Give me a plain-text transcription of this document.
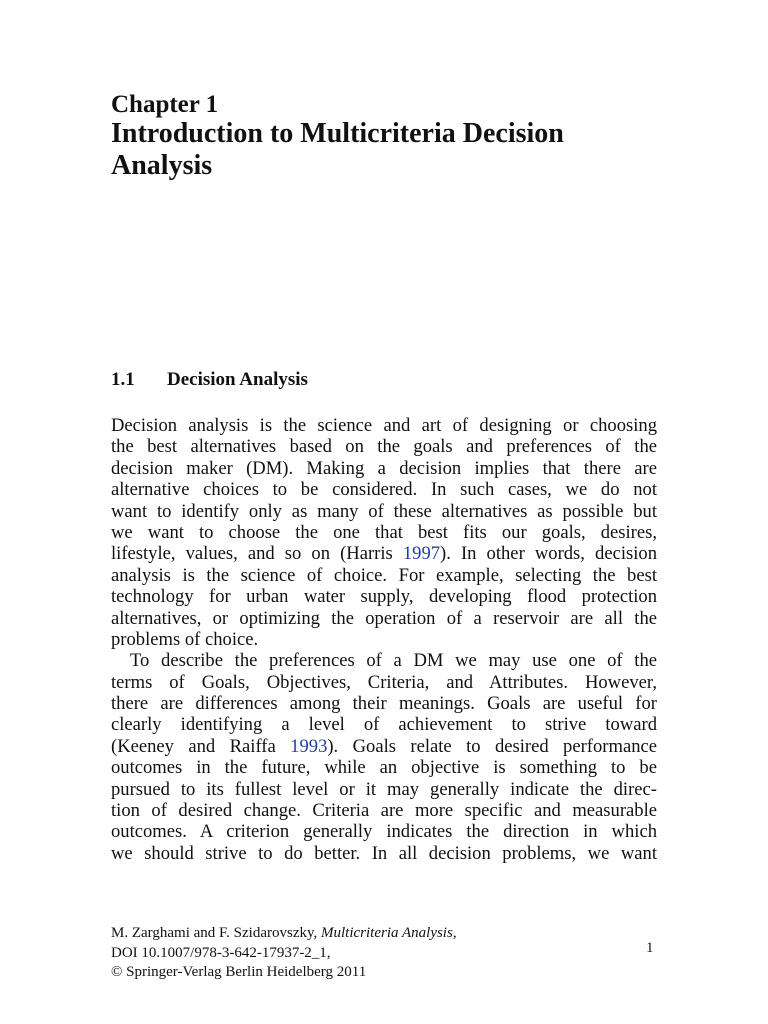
Chapter 1
Introduction to Multicriteria Decision
Analysis
1.1 Decision Analysis
Decision analysis is the science and art of designing or choosing
the best alternatives based on the goals and preferences of the
decision maker (DM). Making a decision implies that there are
alternative choices to be considered. In such cases, we do not
want to identify only as many of these alternatives as possible but
we want to choose the one that best fits our goals, desires,
lifestyle, values, and so on (Harris 1997). In other words, decision
analysis is the science of choice. For example, selecting the best
technology for urban water supply, developing flood protection
alternatives, or optimizing the operation of a reservoir are all the
problems of choice.
To describe the preferences of a DM we may use one of the
terms of Goals, Objectives, Criteria, and Attributes. However,
there are differences among their meanings. Goals are useful for
clearly identifying a level of achievement to strive toward
(Keeney and Raiffa 1993). Goals relate to desired performance
outcomes in the future, while an objective is something to be
pursued to its fullest level or it may generally indicate the direc-
tion of desired change. Criteria are more specific and measurable
outcomes. A criterion generally indicates the direction in which
we should strive to do better. In all decision problems, we want
M. Zarghami and F. Szidarovszky, Multicriteria Analysis,
DOI 10.1007/978-3-642-17937-2_1,
© Springer-Verlag Berlin Heidelberg 2011
1
